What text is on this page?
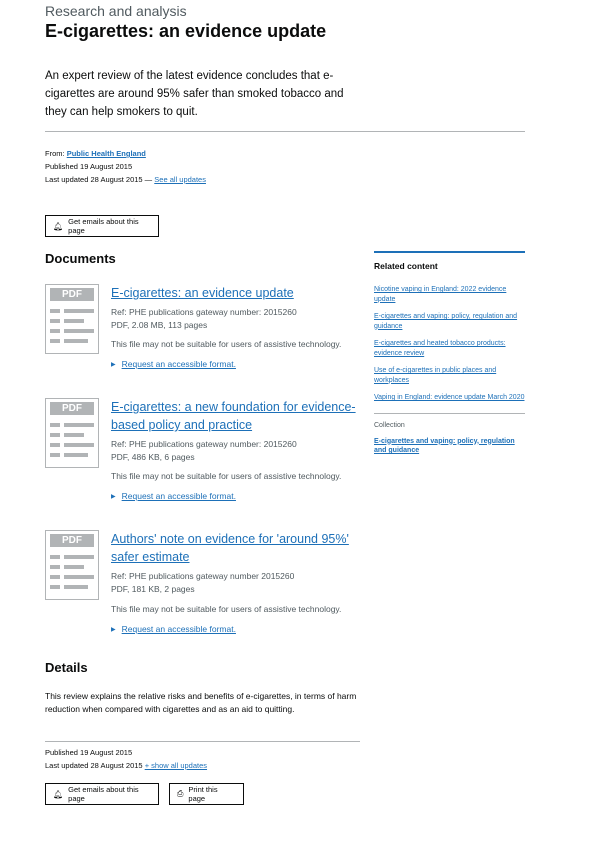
Research and analysis
E-cigarettes: an evidence update

An expert review of the latest evidence concludes that e-cigarettes are around 95% safer than smoked tobacco and they can help smokers to quit.

From: Public Health England
Published 19 August 2015
Last updated 28 August 2015 — See all updates
🔔︎ Get emails about this page
Documents
PDF	E-cigarettes: an evidence update
Ref: PHE publications gateway number: 2015260
PDF, 2.08 MB, 113 pages
This file may not be suitable for users of assistive technology.
▶ Request an accessible format.
PDF	E-cigarettes: a new foundation for evidence-based policy and practice
Ref: PHE publications gateway number: 2015260
PDF, 486 KB, 6 pages
This file may not be suitable for users of assistive technology.
▶ Request an accessible format.
PDF	Authors' note on evidence for 'around 95%' safer estimate
Ref: PHE publications gateway number 2015260
PDF, 181 KB, 2 pages
This file may not be suitable for users of assistive technology.
▶ Request an accessible format.
Related content
Nicotine vaping in England: 2022 evidence update
E-cigarettes and vaping: policy, regulation and guidance
E-cigarettes and heated tobacco products: evidence review
Use of e-cigarettes in public places and workplaces
Vaping in England: evidence update March 2020
Collection
E-cigarettes and vaping: policy, regulation and guidance
Details

This review explains the relative risks and benefits of e-cigarettes, in terms of harm reduction when compared with cigarettes and as an aid to quitting.

Published 19 August 2015
Last updated 28 August 2015 + show all updates
🔔︎ Get emails about this page
⎙ Print this page
